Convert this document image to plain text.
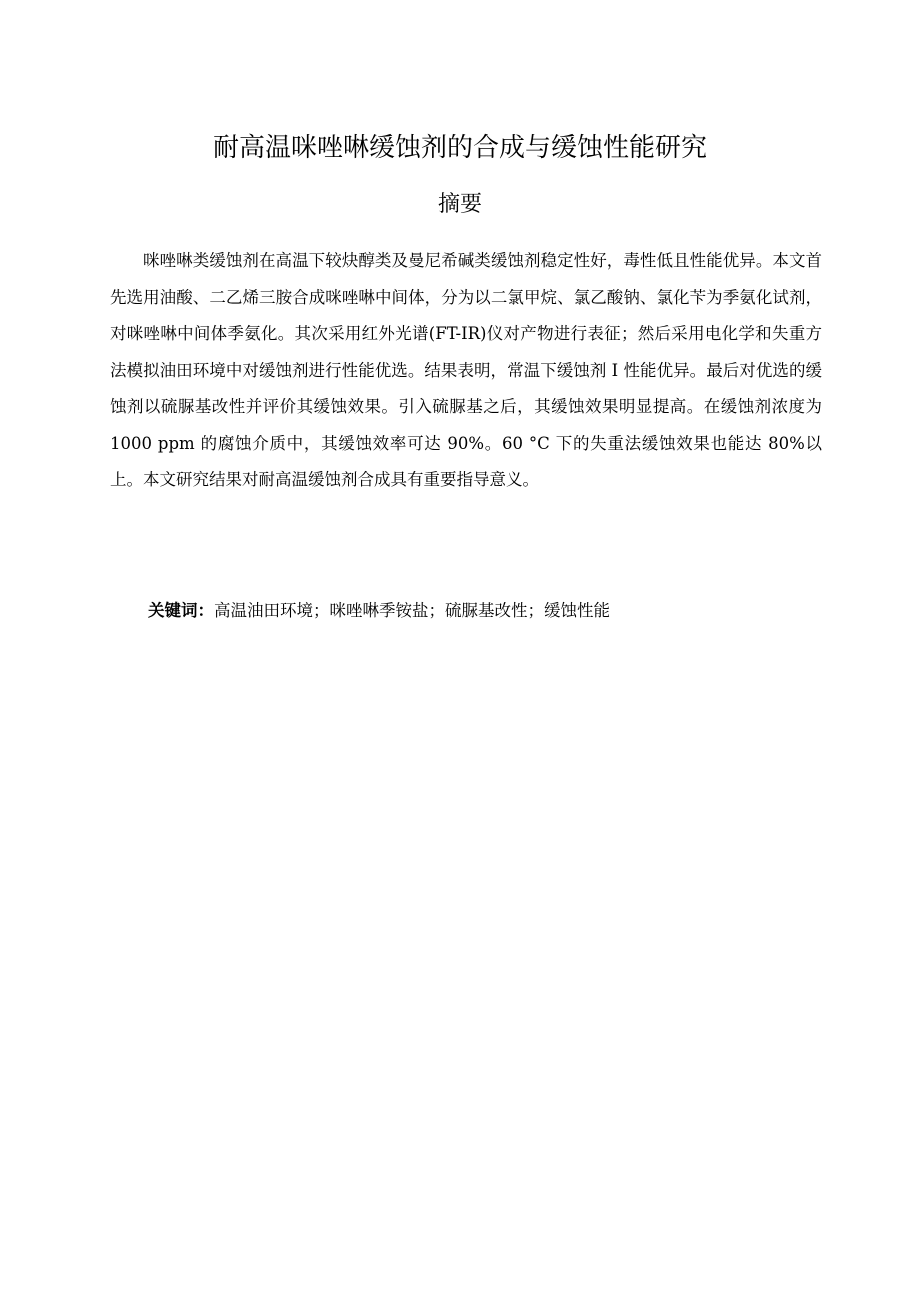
耐高温咪唑啉缓蚀剂的合成与缓蚀性能研究
摘要

咪唑啉类缓蚀剂在高温下较炔醇类及曼尼希碱类缓蚀剂稳定性好，毒性低且性能优异。本文首先选用油酸、二乙烯三胺合成咪唑啉中间体，分为以二氯甲烷、氯乙酸钠、氯化苄为季氨化试剂，对咪唑啉中间体季氨化。其次采用红外光谱(FT-IR)仪对产物进行表征；然后采用电化学和失重方法模拟油田环境中对缓蚀剂进行性能优选。结果表明，常温下缓蚀剂 I 性能优异。最后对优选的缓蚀剂以硫脲基改性并评价其缓蚀效果。引入硫脲基之后，其缓蚀效果明显提高。在缓蚀剂浓度为 1000 ppm 的腐蚀介质中，其缓蚀效率可达 90%。60 °C 下的失重法缓蚀效果也能达 80%以上。本文研究结果对耐高温缓蚀剂合成具有重要指导意义。

关键词：高温油田环境；咪唑啉季铵盐；硫脲基改性；缓蚀性能
